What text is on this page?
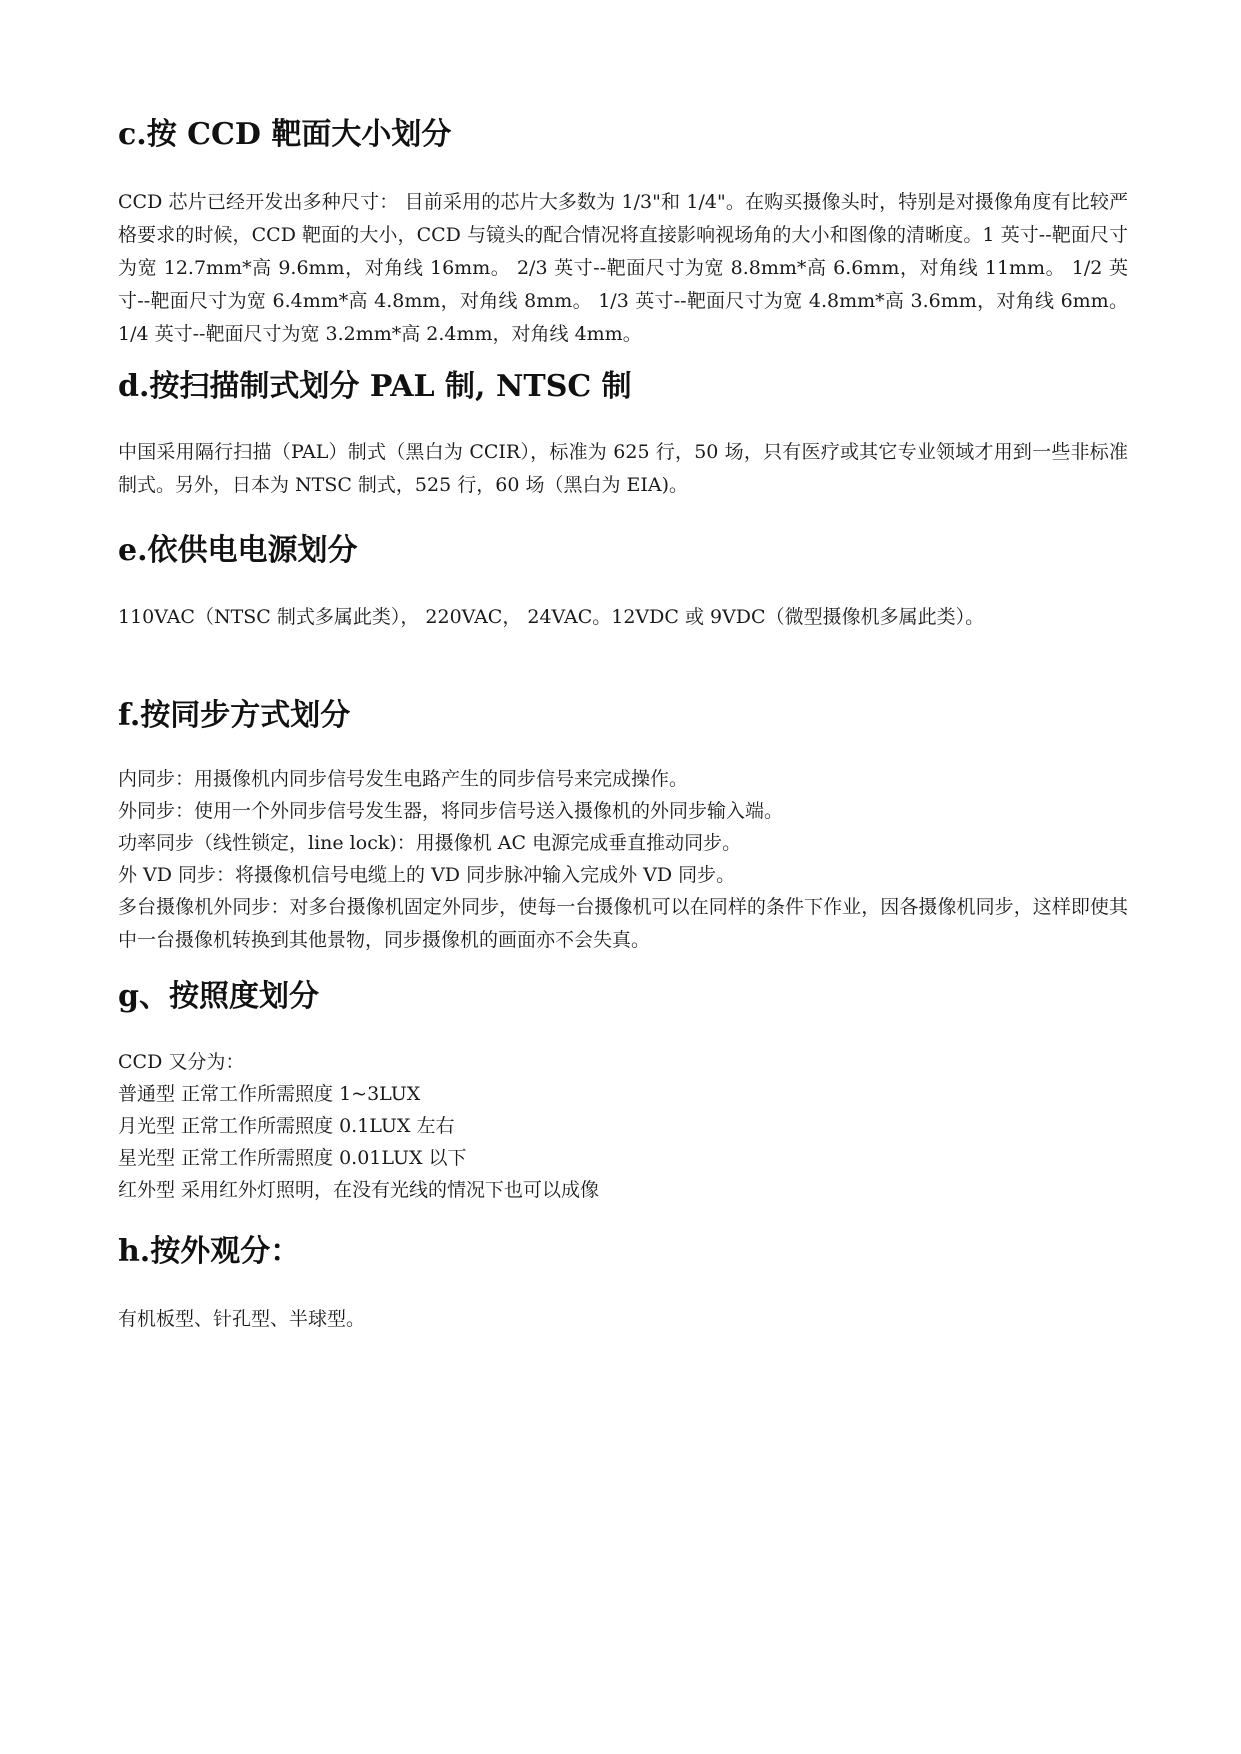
c.按 CCD 靶面大小划分

CCD 芯片已经开发出多种尺寸： 目前采用的芯片大多数为 1/3"和 1/4"。在购买摄像头时，特别是对摄像角度有比较严格要求的时候，CCD 靶面的大小，CCD 与镜头的配合情况将直接影响视场角的大小和图像的清晰度。1 英寸--靶面尺寸为宽 12.7mm*高 9.6mm，对角线 16mm。 2/3 英寸--靶面尺寸为宽 8.8mm*高 6.6mm，对角线 11mm。 1/2 英寸--靶面尺寸为宽 6.4mm*高 4.8mm，对角线 8mm。 1/3 英寸--靶面尺寸为宽 4.8mm*高 3.6mm，对角线 6mm。 1/4 英寸--靶面尺寸为宽 3.2mm*高 2.4mm，对角线 4mm。

d.按扫描制式划分 PAL 制, NTSC 制

中国采用隔行扫描（PAL）制式（黑白为 CCIR），标准为 625 行，50 场，只有医疗或其它专业领域才用到一些非标准制式。另外，日本为 NTSC 制式，525 行，60 场（黑白为 EIA)。

e.依供电电源划分

110VAC（NTSC 制式多属此类）， 220VAC， 24VAC。12VDC 或 9VDC（微型摄像机多属此类）。

f.按同步方式划分

内同步：用摄像机内同步信号发生电路产生的同步信号来完成操作。

外同步：使用一个外同步信号发生器，将同步信号送入摄像机的外同步输入端。

功率同步（线性锁定，line lock)：用摄像机 AC 电源完成垂直推动同步。

外 VD 同步：将摄像机信号电缆上的 VD 同步脉冲输入完成外 VD 同步。

多台摄像机外同步：对多台摄像机固定外同步，使每一台摄像机可以在同样的条件下作业，因各摄像机同步，这样即使其中一台摄像机转换到其他景物，同步摄像机的画面亦不会失真。

g、按照度划分

CCD 又分为：

普通型 正常工作所需照度 1~3LUX

月光型 正常工作所需照度 0.1LUX 左右

星光型 正常工作所需照度 0.01LUX 以下

红外型 采用红外灯照明，在没有光线的情况下也可以成像

h.按外观分：

有机板型、针孔型、半球型。
